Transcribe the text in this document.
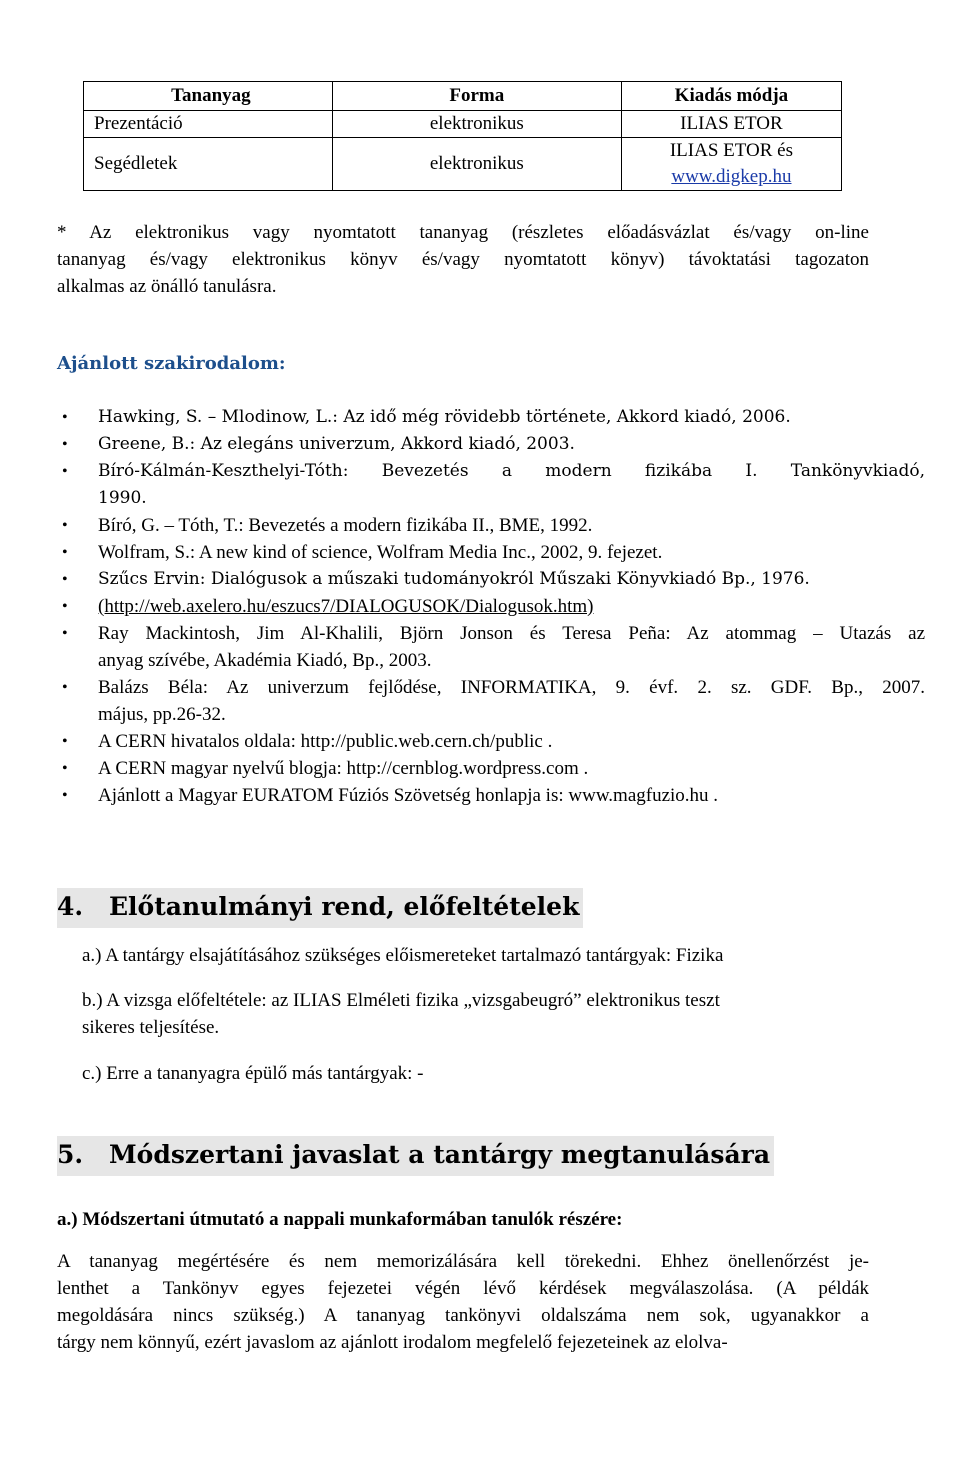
Tananyag	Forma	Kiadás módja
Prezentáció	elektronikus	ILIAS ETOR
Segédletek	elektronikus	ILIAS ETOR és
www.digkep.hu
* Az elektronikus vagy nyomtatott tananyag (részletes előadásvázlat és/vagy on-line
tananyag és/vagy elektronikus könyv és/vagy nyomtatott könyv) távoktatási tagozaton
alkalmas az önálló tanulásra.
Ajánlott szakirodalom:
• Hawking, S. – Mlodinow, L.: Az idő még rövidebb története, Akkord kiadó, 2006.
• Greene, B.: Az elegáns univerzum, Akkord kiadó, 2003.
• Bíró-Kálmán-Keszthelyi-Tóth: Bevezetés a modern fizikába I. Tankönyvkiadó,
1990.
• Bíró, G. – Tóth, T.: Bevezetés a modern fizikába II., BME, 1992.
• Wolfram, S.: A new kind of science, Wolfram Media Inc., 2002, 9. fejezet.
• Szűcs Ervin: Dialógusok a műszaki tudományokról Műszaki Könyvkiadó Bp., 1976.
• (http://web.axelero.hu/eszucs7/DIALOGUSOK/Dialogusok.htm)
• Ray Mackintosh, Jim Al-Khalili, Björn Jonson és Teresa Peña: Az atommag – Utazás az
anyag szívébe, Akadémia Kiadó, Bp., 2003.
• Balázs Béla: Az univerzum fejlődése, INFORMATIKA, 9. évf. 2. sz. GDF. Bp., 2007.
május, pp.26-32.
• A CERN hivatalos oldala: http://public.web.cern.ch/public .
• A CERN magyar nyelvű blogja: http://cernblog.wordpress.com .
• Ajánlott a Magyar EURATOM Fúziós Szövetség honlapja is: www.magfuzio.hu .
4. Előtanulmányi rend, előfeltételek
a.) A tantárgy elsajátításához szükséges előismereteket tartalmazó tantárgyak: Fizika
b.) A vizsga előfeltétele: az ILIAS Elméleti fizika „vizsgabeugró” elektronikus teszt
sikeres teljesítése.
c.) Erre a tananyagra épülő más tantárgyak: -
5. Módszertani javaslat a tantárgy megtanulására
a.) Módszertani útmutató a nappali munkaformában tanulók részére:
A tananyag megértésére és nem memorizálására kell törekedni. Ehhez önellenőrzést je-
lenthet a Tankönyv egyes fejezetei végén lévő kérdések megválaszolása. (A példák
megoldására nincs szükség.) A tananyag tankönyvi oldalszáma nem sok, ugyanakkor a
tárgy nem könnyű, ezért javaslom az ajánlott irodalom megfelelő fejezeteinek az elolva-
